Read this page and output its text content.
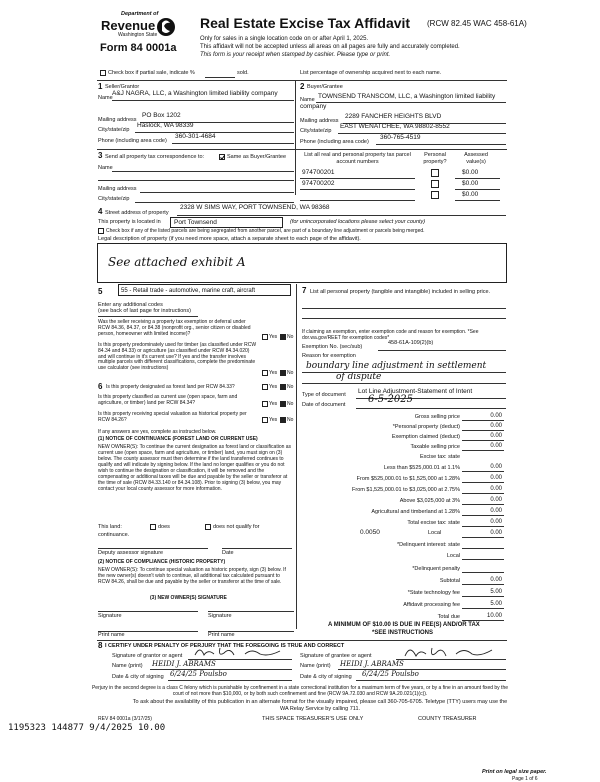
Department of
Revenue
Washington State
Form 84 0001a
Real Estate Excise Tax Affidavit (RCW 82.45 WAC 458-61A)
Only for sales in a single location code on or after April 1, 2025.
This affidavit will not be accepted unless all areas on all pages are fully and accurately completed.
This form is your receipt when stamped by cashier. Please type or print.
Check box if partial sale, indicate %	sold.	List percentage of ownership acquired next to each name.
1 Seller/Grantor
Name
A&J NAGRA, LLC, a Washington limited liability company
Mailing address
PO Box 1202
City/state/zip
Haslock, WA 98339
Phone (including area code)
360-301-4684
2 Buyer/Grantee
Name TOWNSEND TRANSCOM, LLC, a Washington limited liability
company
Mailing address
2289 FANCHER HEIGHTS BLVD
City/state/zip
EAST WENATCHEE, WA 98802-8552
Phone (including area code)
360-765-4519
3 Send all property tax correspondence to:	Same as Buyer/Grantee
Name
Mailing address
City/state/zip
List all real and personal property tax parcel account numbers
Personal property?
Assessed value(s)
974700201	$0.00
974700202	$0.00
$0.00
4 Street address of property
2328 W SIMS WAY, PORT TOWNSEND, WA 98368
This property is located in Port Townsend	(for unincorporated locations please select your county)
Check box if any of the listed parcels are being segregated from another parcel, are part of a boundary line adjustment or parcels being merged.
Legal description of property (if you need more space, attach a separate sheet to each page of the affidavit).
See attached exhibit A
5	55 - Retail trade - automotive, marine craft, aircraft
Enter any additional codes
(see back of last page for instructions)
Was the seller receiving a property tax exemption or deferral under RCW 84.36, 84.37, or 84.38 (nonprofit org., senior citizen or disabled person, homeowner with limited income)?
Yes No
Is this property predominately used for timber (as classified under RCW 84.34 and 84.33) or agriculture (as classified under RCW 84.34.020) and will continue in it's current use? If yes and the transfer involves multiple parcels with different classifications, complete the predominate use calculator (see instructions)
Yes No
6 Is this property designated as forest land per RCW 84.33?	Yes No
Is this property classified as current use (open space, farm and agriculture, or timber) land per RCW 84.34?	Yes No
Is this property receiving special valuation as historical property per RCW 84.26?	Yes No
If any answers are yes, complete as instructed below.
(1) NOTICE OF CONTINUANCE (FOREST LAND OR CURRENT USE)
NEW OWNER(S): To continue the current designation as forest land or classification as current use (open space, farm and agriculture, or timber) land, you must sign on (3) below. The county assessor must then determine if the land transferred continues to qualify and will indicate by signing below. If the land no longer qualifies or you do not wish to continue the designation or classification, it will be removed and the compensating or additional taxes will be due and payable by the seller or transferor at the time of sale (RCW 84.33.140 or 84.34.108). Prior to signing (3) below, you may contact your local county assessor for more information.
This land:	does	does not qualify for
continuance.
Deputy assessor signature	Date
(2) NOTICE OF COMPLIANCE (HISTORIC PROPERTY)
NEW OWNER(S): To continue special valuation as historic property, sign (3) below. If the new owner(s) doesn't wish to continue, all additional tax calculated pursuant to RCW 84.26, shall be due and payable by the seller or transferor at the time of sale.
(3) NEW OWNER(S) SIGNATURE
Signature	Signature
Print name	Print name
7 List all personal property (tangible and intangible) included in selling price.
If claiming an exemption, enter exemption code and reason for exemption. *See dor.wa.gov/REET for exemption codes*
Exemption No. (sec/sub)
458-61A-109(2)(b)
Reason for exemption
boundary line adjustment in settlement
of dispute
Type of document Lot Line Adjustment-Statement of Intent
Date of document 6-5-2025
Gross selling price	0.00
*Personal property (deduct)	0.00
Exemption claimed (deduct)	0.00
Taxable selling price	0.00
Excise tax: state
Less than $525,000.01 at 1.1%	0.00
From $525,000.01 to $1,525,000 at 1.28%	0.00
From $1,525,000.01 to $3,025,000 at 2.75%	0.00
Above $3,025,000 at 3%	0.00
Agricultural and timberland at 1.28%	0.00
Total excise tax: state	0.00
0.0050	Local	0.00
*Delinquent interest: state
Local
*Delinquent penalty
Subtotal	0.00
*State technology fee	5.00
Affidavit processing fee	5.00
Total due	10.00
A MINIMUM OF $10.00 IS DUE IN FEE(S) AND/OR TAX
*SEE INSTRUCTIONS
8 I CERTIFY UNDER PENALTY OF PERJURY THAT THE FOREGOING IS TRUE AND CORRECT
Signature of grantor or agent
Name (print) HEIDI J. ABRAMS
Date & city of signing 6/24/25 Poulsbo
Signature of grantee or agent
Name (print) HEIDI J. ABRAMS
Date & city of signing 6/24/25 Poulsbo
Perjury in the second degree is a class C felony which is punishable by confinement in a state correctional institution for a maximum term of five years, or by a fine in an amount fixed by the court of not more than $10,000, or by both such confinement and fine (RCW 9A.72.030 and RCW 9A.20.021(1)(c)).
To ask about the availability of this publication in an alternate format for the visually impaired, please call 360-705-6705. Teletype (TTY) users may use the WA Relay Service by calling 711.
REV 84 0001a (3/17/25)	THIS SPACE TREASURER'S USE ONLY	COUNTY TREASURER
1195323 144877 9/4/2025 10.00
Print on legal size paper.
Page 1 of 6
